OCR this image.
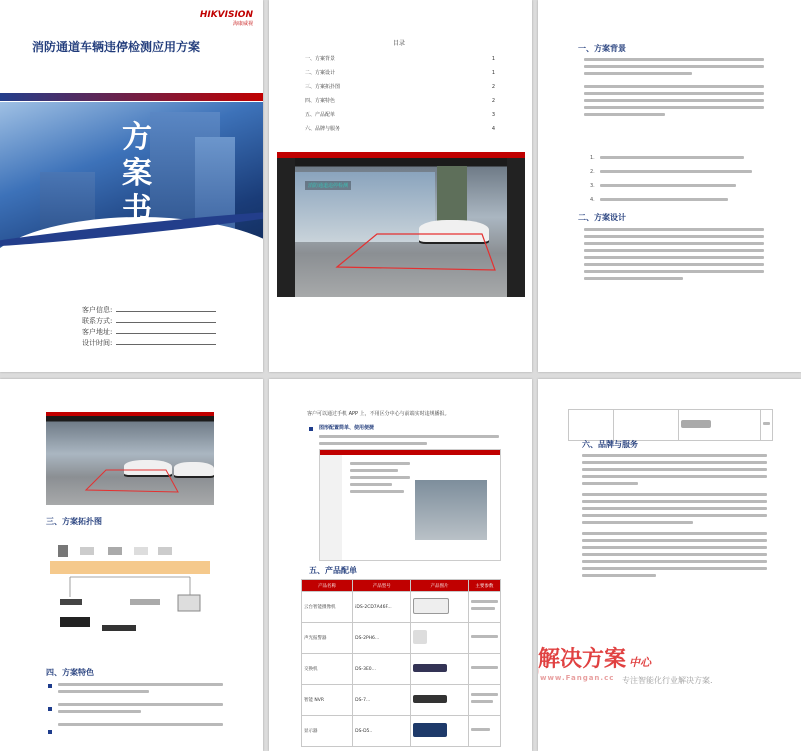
HIKVISION
海康威视
消防通道车辆违停检测应用方案
方
案
书
客户信息:
联系方式:
客户地址:
设计时间:
目录
一、方案背景	1
二、方案设计	1
三、方案拓扑图	2
四、方案特色	2
五、产品配单	3
六、品牌与服务	4
消防通道违停检测
一、方案背景
1.
2.
3.
4.
二、方案设计
三、方案拓扑图
四、方案特色
客户可以通过手机 APP 上，不用区分中心与前端实时违规播报。
图形配置简单、使用便捷
五、产品配单
产品名称	产品型号	产品图片	主要参数
云台智能摄像机	iDS-2CD7A46F...		

声光报警器	DS-2PH6...		

交换机	DS-3E0...		

智能 NVR	DS-7...		

显示器	DS-D5..		

六、品牌与服务
解决方案 中心
www.Fangan.cc 专注智能化行业解决方案.
